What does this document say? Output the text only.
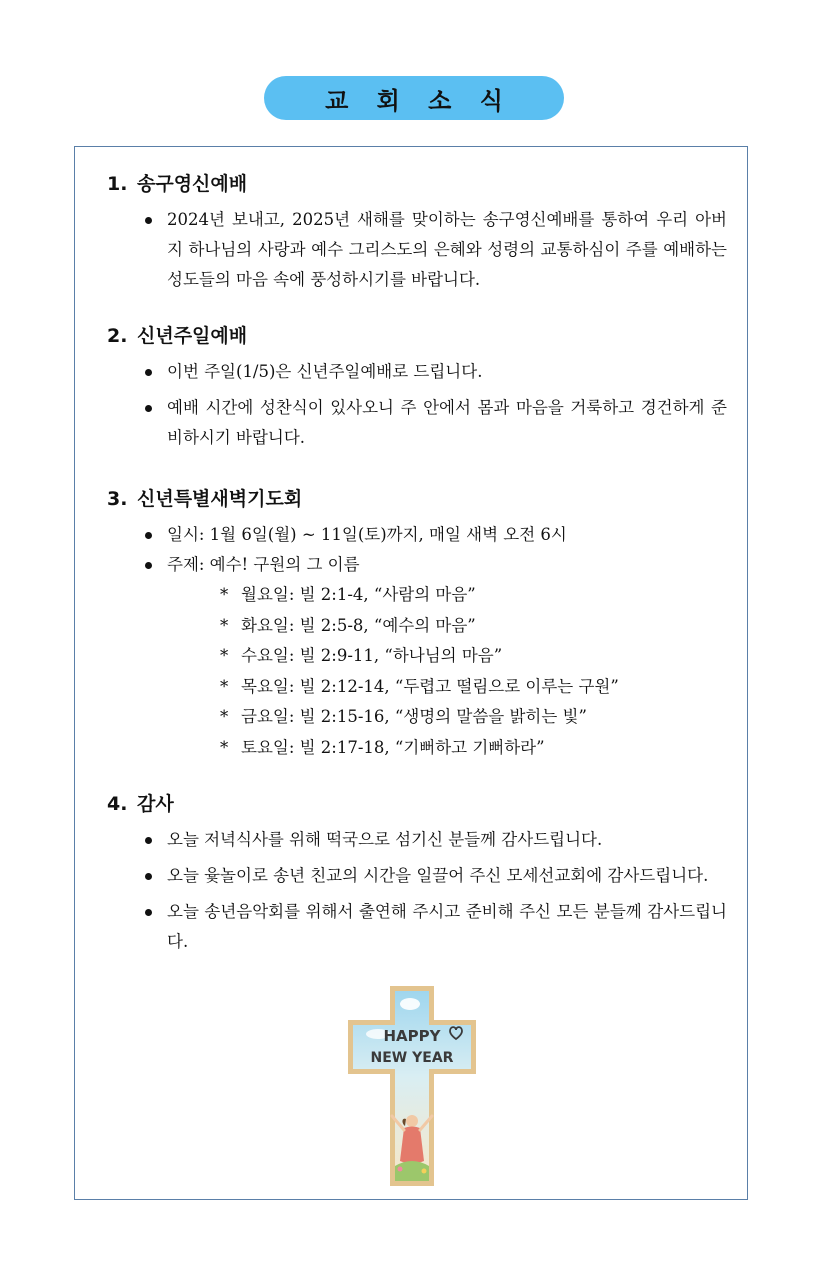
교 회 소 식
1. 송구영신예배
2024년 보내고, 2025년 새해를 맞이하는 송구영신예배를 통하여 우리 아버지 하나님의 사랑과 예수 그리스도의 은혜와 성령의 교통하심이 주를 예배하는 성도들의 마음 속에 풍성하시기를 바랍니다.
2. 신년주일예배
이번 주일(1/5)은 신년주일예배로 드립니다.
예배 시간에 성찬식이 있사오니 주 안에서 몸과 마음을 거룩하고 경건하게 준비하시기 바랍니다.
3. 신년특별새벽기도회
일시: 1월 6일(월) ~ 11일(토)까지, 매일 새벽 오전 6시
주제: 예수! 구원의 그 이름
* 월요일: 빌 2:1-4, “사람의 마음”
* 화요일: 빌 2:5-8, “예수의 마음”
* 수요일: 빌 2:9-11, “하나님의 마음”
* 목요일: 빌 2:12-14, “두렵고 떨림으로 이루는 구원”
* 금요일: 빌 2:15-16, “생명의 말씀을 밝히는 빛”
* 토요일: 빌 2:17-18, “기뻐하고 기뻐하라”
4. 감사
오늘 저녁식사를 위해 떡국으로 섬기신 분들께 감사드립니다.
오늘 윷놀이로 송년 친교의 시간을 일끌어 주신 모세선교회에 감사드립니다.
오늘 송년음악회를 위해서 출연해 주시고 준비해 주신 모든 분들께 감사드립니다.
HAPPY
NEW YEAR
